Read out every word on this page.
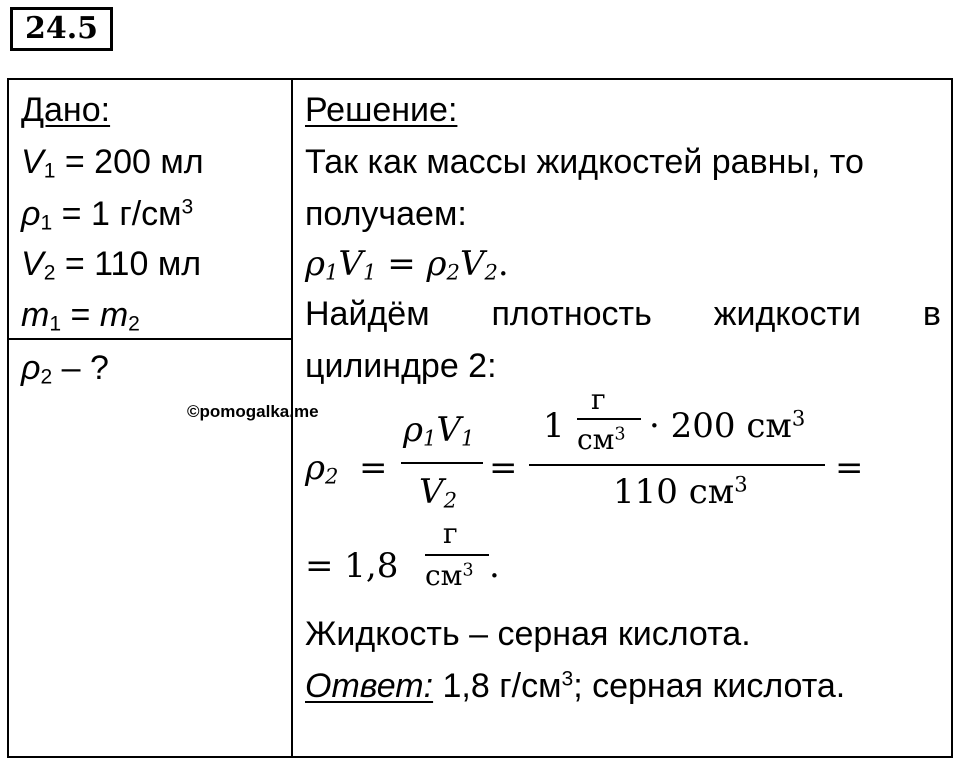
24.5
Дано:
$V_1 = 200$ мл
$\rho_1 = 1$ $г/см^3$
$V_2 = 110$ мл
$m_1 = m_2$
$\rho_2$ – ?
©pomogalka.me
Решение:
Так как массы жидкостей равны, то
получаем:
$\rho_1V_1 = \rho_2V_2$.
Найдём плотность жидкости в
цилиндре 2:
$\rho_2$ =
$\rho_1V_1$
$V_2$
=
1
г
$см^3 \cdot 200$ $см^3$
110 $см^3$	=
= 1,8
г
$см^3$ .
Жидкость – серная кислота.
Ответ: 1,8 $г/см^3$; серная кислота.
